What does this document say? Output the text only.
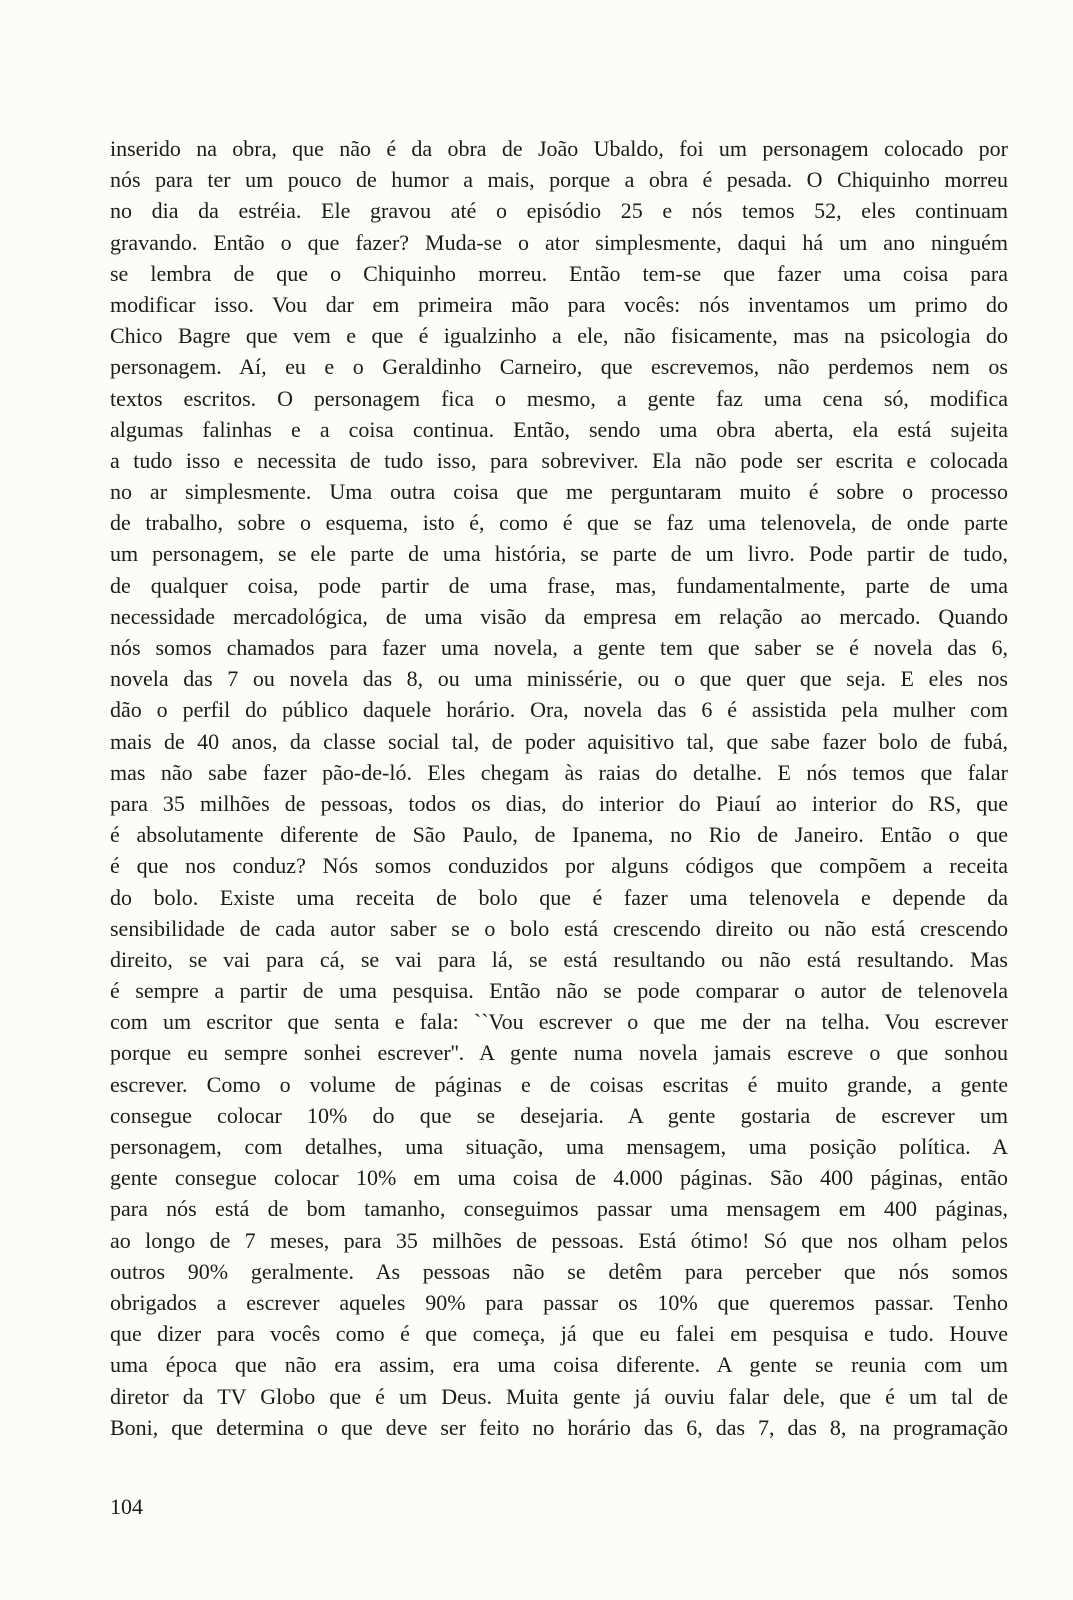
inserido na obra, que não é da obra de João Ubaldo, foi um personagem colocado por
nós para ter um pouco de humor a mais, porque a obra é pesada. O Chiquinho morreu
no dia da estréia. Ele gravou até o episódio 25 e nós temos 52, eles continuam
gravando. Então o que fazer? Muda-se o ator simplesmente, daqui há um ano ninguém
se lembra de que o Chiquinho morreu. Então tem-se que fazer uma coisa para
modificar isso. Vou dar em primeira mão para vocês: nós inventamos um primo do
Chico Bagre que vem e que é igualzinho a ele, não fisicamente, mas na psicologia do
personagem. Aí, eu e o Geraldinho Carneiro, que escrevemos, não perdemos nem os
textos escritos. O personagem fica o mesmo, a gente faz uma cena só, modifica
algumas falinhas e a coisa continua. Então, sendo uma obra aberta, ela está sujeita
a tudo isso e necessita de tudo isso, para sobreviver. Ela não pode ser escrita e colocada
no ar simplesmente. Uma outra coisa que me perguntaram muito é sobre o processo
de trabalho, sobre o esquema, isto é, como é que se faz uma telenovela, de onde parte
um personagem, se ele parte de uma história, se parte de um livro. Pode partir de tudo,
de qualquer coisa, pode partir de uma frase, mas, fundamentalmente, parte de uma
necessidade mercadológica, de uma visão da empresa em relação ao mercado. Quando
nós somos chamados para fazer uma novela, a gente tem que saber se é novela das 6,
novela das 7 ou novela das 8, ou uma minissérie, ou o que quer que seja. E eles nos
dão o perfil do público daquele horário. Ora, novela das 6 é assistida pela mulher com
mais de 40 anos, da classe social tal, de poder aquisitivo tal, que sabe fazer bolo de fubá,
mas não sabe fazer pão-de-ló. Eles chegam às raias do detalhe. E nós temos que falar
para 35 milhões de pessoas, todos os dias, do interior do Piauí ao interior do RS, que
é absolutamente diferente de São Paulo, de Ipanema, no Rio de Janeiro. Então o que
é que nos conduz? Nós somos conduzidos por alguns códigos que compõem a receita
do bolo. Existe uma receita de bolo que é fazer uma telenovela e depende da
sensibilidade de cada autor saber se o bolo está crescendo direito ou não está crescendo
direito, se vai para cá, se vai para lá, se está resultando ou não está resultando. Mas
é sempre a partir de uma pesquisa. Então não se pode comparar o autor de telenovela
com um escritor que senta e fala: ``Vou escrever o que me der na telha. Vou escrever
porque eu sempre sonhei escrever''. A gente numa novela jamais escreve o que sonhou
escrever. Como o volume de páginas e de coisas escritas é muito grande, a gente
consegue colocar 10% do que se desejaria. A gente gostaria de escrever um
personagem, com detalhes, uma situação, uma mensagem, uma posição política. A
gente consegue colocar 10% em uma coisa de 4.000 páginas. São 400 páginas, então
para nós está de bom tamanho, conseguimos passar uma mensagem em 400 páginas,
ao longo de 7 meses, para 35 milhões de pessoas. Está ótimo! Só que nos olham pelos
outros 90% geralmente. As pessoas não se detêm para perceber que nós somos
obrigados a escrever aqueles 90% para passar os 10% que queremos passar. Tenho
que dizer para vocês como é que começa, já que eu falei em pesquisa e tudo. Houve
uma época que não era assim, era uma coisa diferente. A gente se reunia com um
diretor da TV Globo que é um Deus. Muita gente já ouviu falar dele, que é um tal de
Boni, que determina o que deve ser feito no horário das 6, das 7, das 8, na programação
104
